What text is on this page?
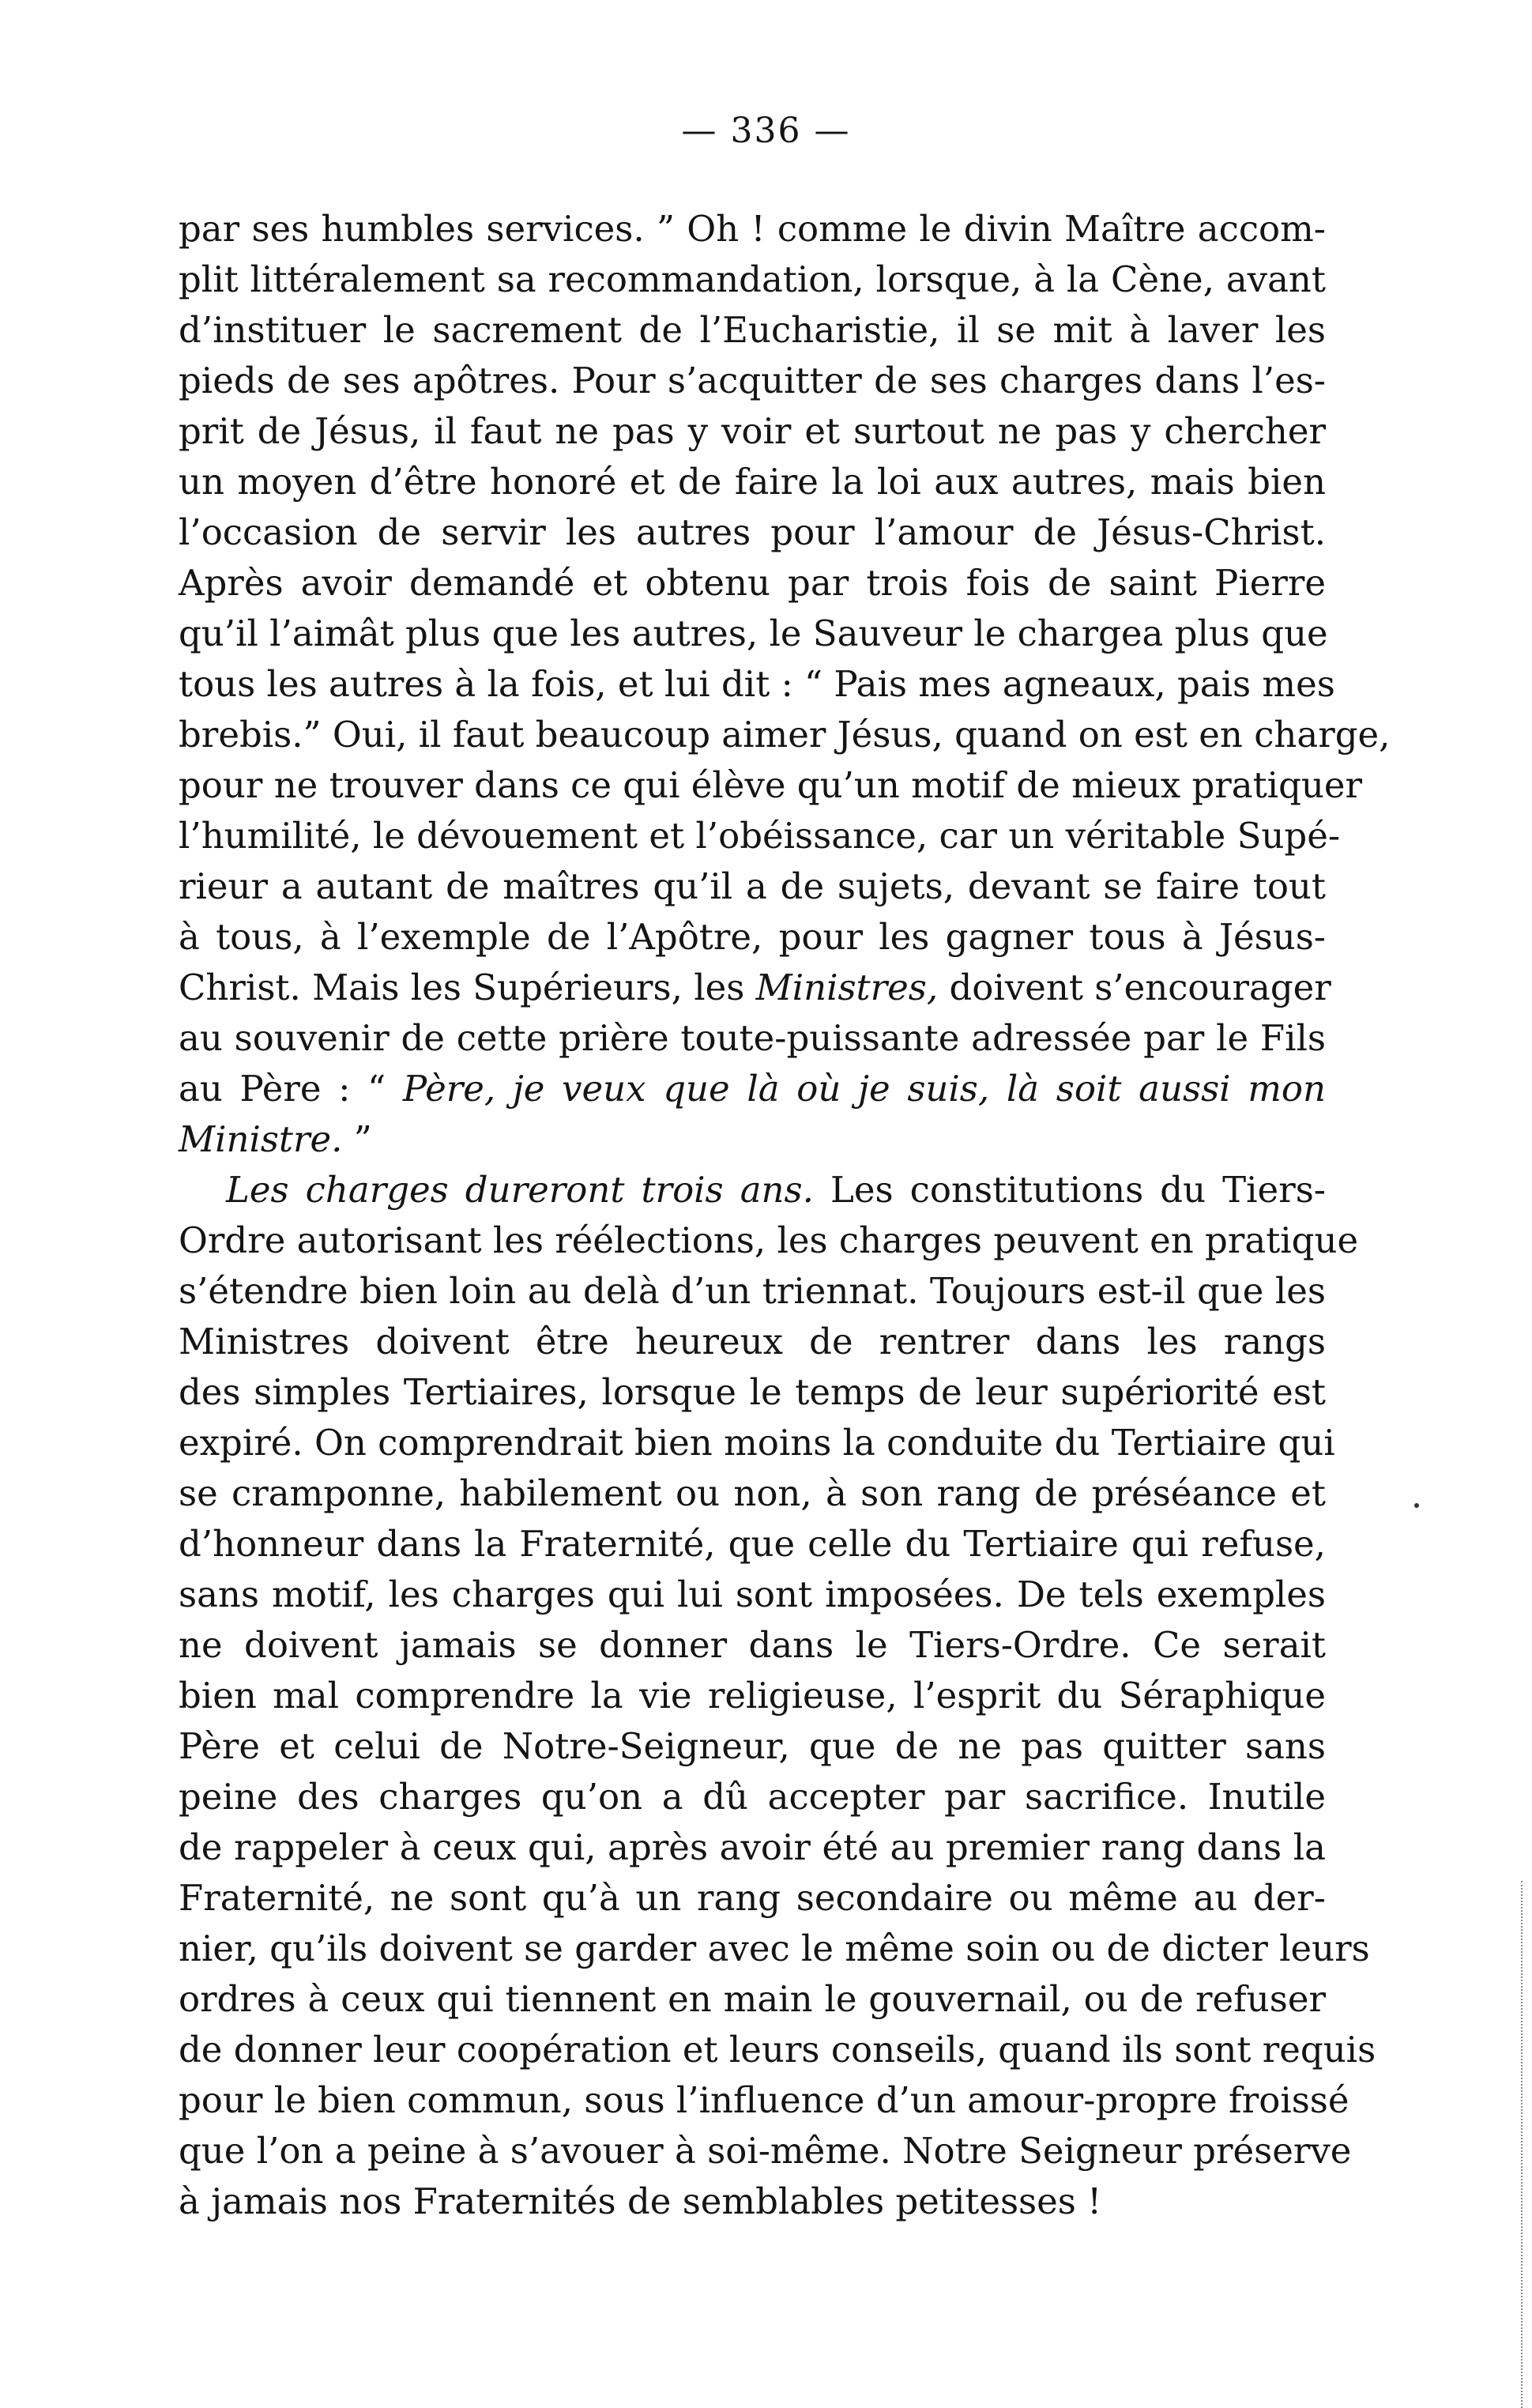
— 336 —
par ses humbles services. ” Oh ! comme le divin Maître accom-
plit littéralement sa recommandation, lorsque, à la Cène, avant
d’instituer le sacrement de l’Eucharistie, il se mit à laver les
pieds de ses apôtres. Pour s’acquitter de ses charges dans l’es-
prit de Jésus, il faut ne pas y voir et surtout ne pas y chercher
un moyen d’être honoré et de faire la loi aux autres, mais bien
l’occasion de servir les autres pour l’amour de Jésus-Christ.
Après avoir demandé et obtenu par trois fois de saint Pierre
qu’il l’aimât plus que les autres, le Sauveur le chargea plus que
tous les autres à la fois, et lui dit : “ Pais mes agneaux, pais mes
brebis.” Oui, il faut beaucoup aimer Jésus, quand on est en charge,
pour ne trouver dans ce qui élève qu’un motif de mieux pratiquer
l’humilité, le dévouement et l’obéissance, car un véritable Supé-
rieur a autant de maîtres qu’il a de sujets, devant se faire tout
à tous, à l’exemple de l’Apôtre, pour les gagner tous à Jésus-
Christ. Mais les Supérieurs, les Ministres, doivent s’encourager
au souvenir de cette prière toute-puissante adressée par le Fils
au Père : “ Père, je veux que là où je suis, là soit aussi mon
Ministre. ”
Les charges dureront trois ans. Les constitutions du Tiers-
Ordre autorisant les réélections, les charges peuvent en pratique
s’étendre bien loin au delà d’un triennat. Toujours est-il que les
Ministres doivent être heureux de rentrer dans les rangs
des simples Tertiaires, lorsque le temps de leur supériorité est
expiré. On comprendrait bien moins la conduite du Tertiaire qui
se cramponne, habilement ou non, à son rang de préséance et
d’honneur dans la Fraternité, que celle du Tertiaire qui refuse,
sans motif, les charges qui lui sont imposées. De tels exemples
ne doivent jamais se donner dans le Tiers-Ordre. Ce serait
bien mal comprendre la vie religieuse, l’esprit du Séraphique
Père et celui de Notre-Seigneur, que de ne pas quitter sans
peine des charges qu’on a dû accepter par sacrifice. Inutile
de rappeler à ceux qui, après avoir été au premier rang dans la
Fraternité, ne sont qu’à un rang secondaire ou même au der-
nier, qu’ils doivent se garder avec le même soin ou de dicter leurs
ordres à ceux qui tiennent en main le gouvernail, ou de refuser
de donner leur coopération et leurs conseils, quand ils sont requis
pour le bien commun, sous l’influence d’un amour-propre froissé
que l’on a peine à s’avouer à soi-même. Notre Seigneur préserve
à jamais nos Fraternités de semblables petitesses !
